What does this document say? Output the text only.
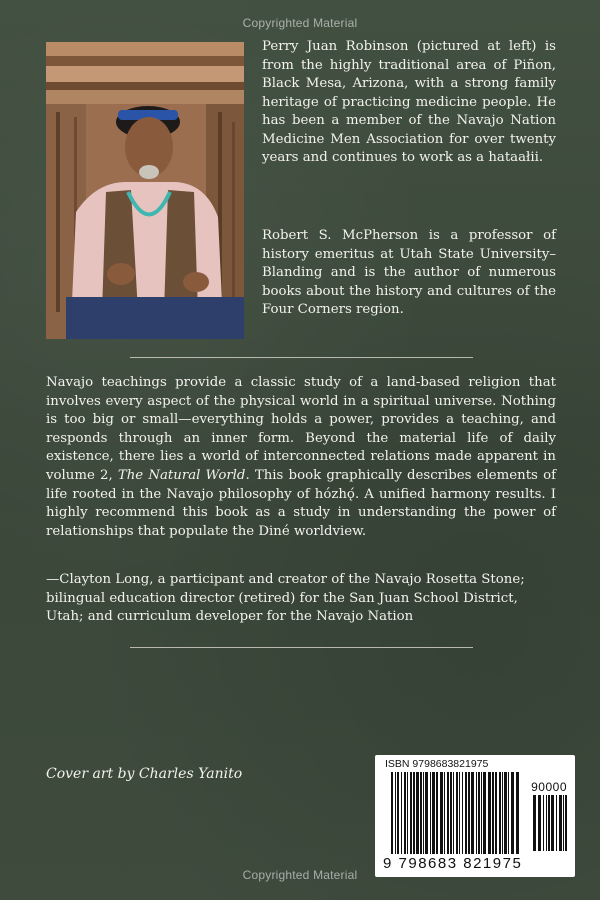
Copyrighted Material

Perry Juan Robinson (pictured at left) is from the highly traditional area of Piñon, Black Mesa, Arizona, with a strong family heritage of practicing medicine people. He has been a member of the Navajo Nation Medicine Men Association for over twenty years and continues to work as a hataałii.

Robert S. McPherson is a professor of history emeritus at Utah State University–Blanding and is the author of numerous books about the history and cultures of the Four Corners region.

Navajo teachings provide a classic study of a land-based religion that involves every aspect of the physical world in a spiritual universe. Nothing is too big or small—everything holds a power, provides a teaching, and responds through an inner form. Beyond the material life of daily existence, there lies a world of interconnected relations made apparent in volume 2, The Natural World. This book graphically describes elements of life rooted in the Navajo philosophy of hózhǫ́. A unified harmony results. I highly recommend this book as a study in understanding the power of relationships that populate the Diné worldview.

—Clayton Long, a participant and creator of the Navajo Rosetta Stone; bilingual education director (retired) for the San Juan School District, Utah; and curriculum developer for the Navajo Nation

Cover art by Charles Yanito

ISBN 9798683821975
90000
9 798683 821975
Copyrighted Material
